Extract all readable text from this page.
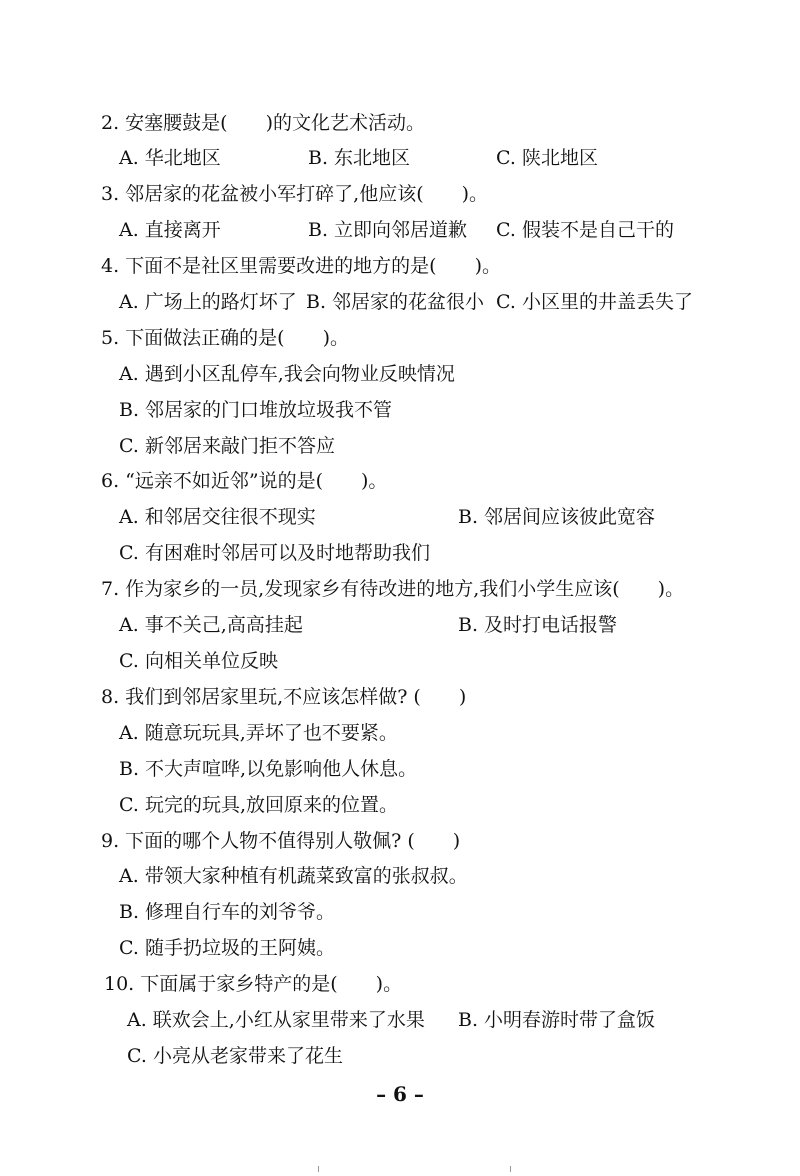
2. 安塞腰鼓是(　　)的文化艺术活动。
A. 华北地区	B. 东北地区	C. 陕北地区
3. 邻居家的花盆被小军打碎了,他应该(　　)。
A. 直接离开	B. 立即向邻居道歉 C. 假装不是自己干的
4. 下面不是社区里需要改进的地方的是(　　)。
A. 广场上的路灯坏了 B. 邻居家的花盆很小 C. 小区里的井盖丢失了
5. 下面做法正确的是(　　)。
A. 遇到小区乱停车,我会向物业反映情况
B. 邻居家的门口堆放垃圾我不管
C. 新邻居来敲门拒不答应
6. “远亲不如近邻”说的是(　　)。
A. 和邻居交往很不现实	B. 邻居间应该彼此宽容
C. 有困难时邻居可以及时地帮助我们
7. 作为家乡的一员,发现家乡有待改进的地方,我们小学生应该(　　)。
A. 事不关己,高高挂起	B. 及时打电话报警
C. 向相关单位反映
8. 我们到邻居家里玩,不应该怎样做? (　　)
A. 随意玩玩具,弄坏了也不要紧。
B. 不大声喧哗,以免影响他人休息。
C. 玩完的玩具,放回原来的位置。
9. 下面的哪个人物不值得别人敬佩? (　　)
A. 带领大家种植有机蔬菜致富的张叔叔。
B. 修理自行车的刘爷爷。
C. 随手扔垃圾的王阿姨。
10. 下面属于家乡特产的是(　　)。
A. 联欢会上,小红从家里带来了水果 B. 小明春游时带了盒饭
C. 小亮从老家带来了花生
– 6 –
